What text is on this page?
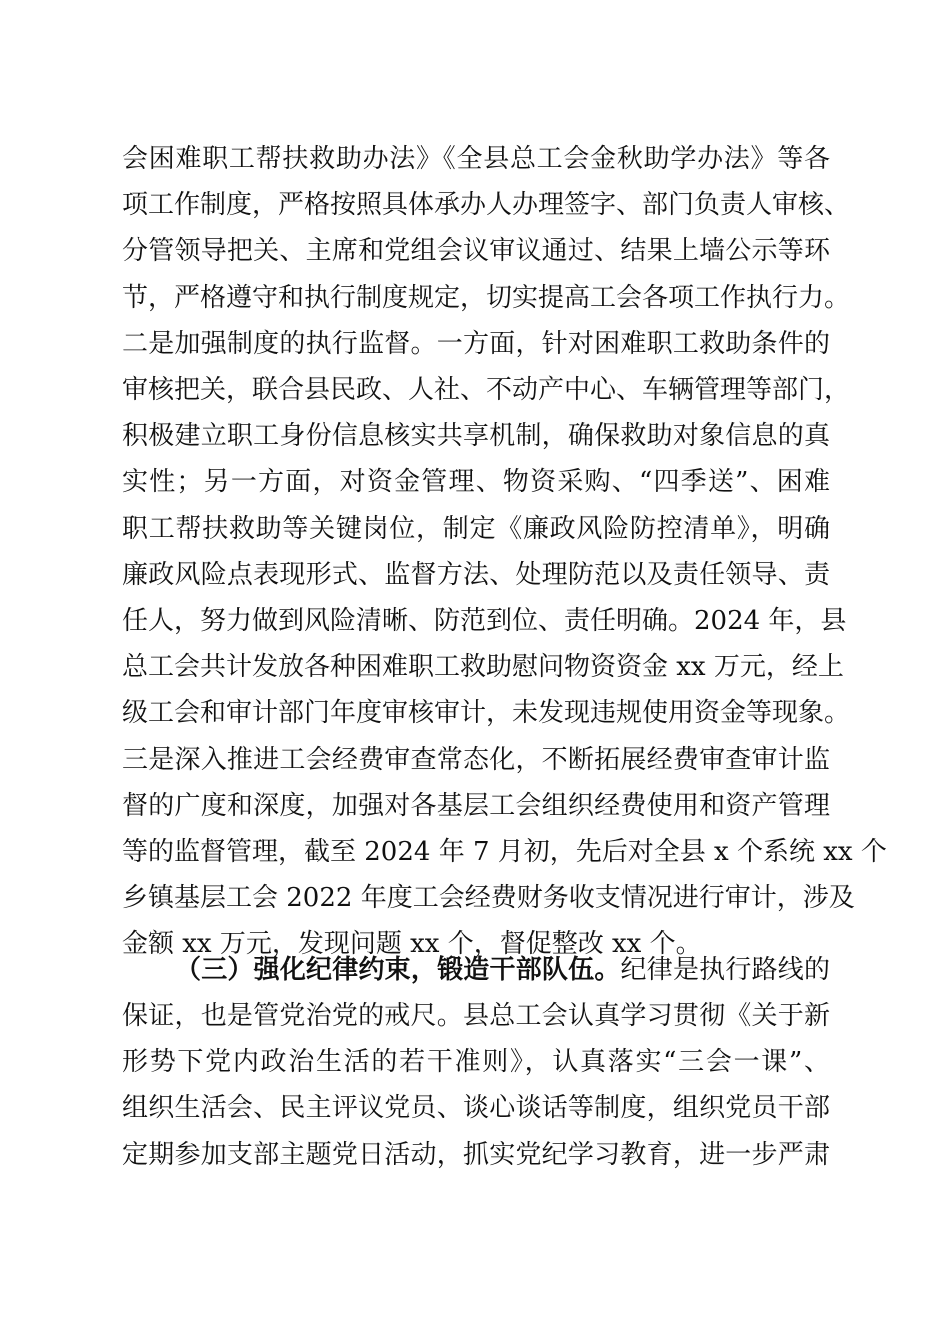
会困难职工帮扶救助办法》《全县总工会金秋助学办法》等各
项工作制度，严格按照具体承办人办理签字、部门负责人审核、
分管领导把关、主席和党组会议审议通过、结果上墙公示等环
节，严格遵守和执行制度规定，切实提高工会各项工作执行力。
二是加强制度的执行监督。一方面，针对困难职工救助条件的
审核把关，联合县民政、人社、不动产中心、车辆管理等部门，
积极建立职工身份信息核实共享机制，确保救助对象信息的真
实性；另一方面，对资金管理、物资采购、“四季送”、困难
职工帮扶救助等关键岗位，制定《廉政风险防控清单》，明确
廉政风险点表现形式、监督方法、处理防范以及责任领导、责
任人，努力做到风险清晰、防范到位、责任明确。2024 年，县
总工会共计发放各种困难职工救助慰问物资资金 xx 万元，经上
级工会和审计部门年度审核审计，未发现违规使用资金等现象。
三是深入推进工会经费审查常态化，不断拓展经费审查审计监
督的广度和深度，加强对各基层工会组织经费使用和资产管理
等的监督管理，截至 2024 年 7 月初，先后对全县 x 个系统 xx 个
乡镇基层工会 2022 年度工会经费财务收支情况进行审计，涉及
金额 xx 万元，发现问题 xx 个，督促整改 xx 个。
（三）强化纪律约束，锻造干部队伍。纪律是执行路线的
保证，也是管党治党的戒尺。县总工会认真学习贯彻《关于新
形势下党内政治生活的若干准则》，认真落实“三会一课”、
组织生活会、民主评议党员、谈心谈话等制度，组织党员干部
定期参加支部主题党日活动，抓实党纪学习教育，进一步严肃
